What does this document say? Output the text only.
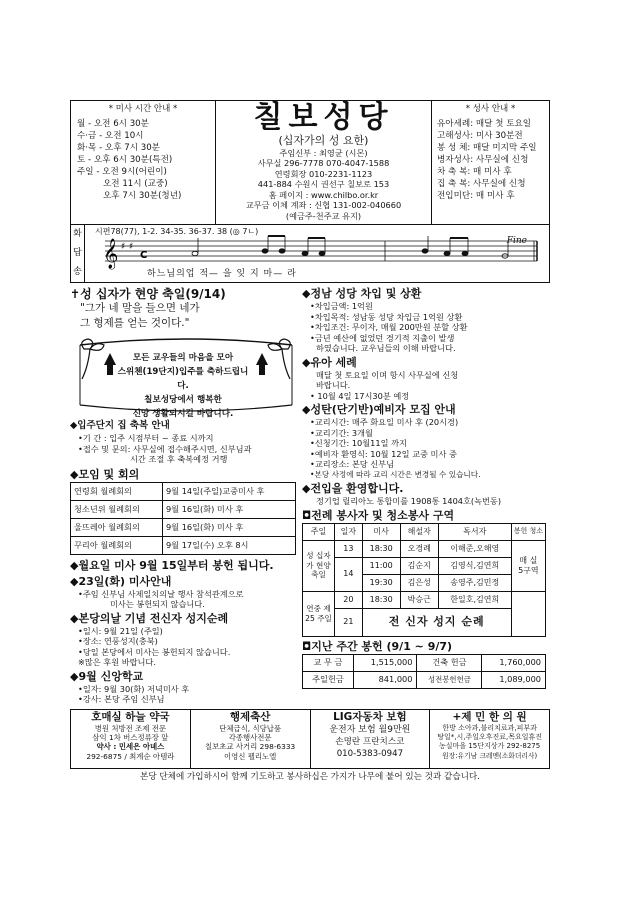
* 미사 시간 안내 *
월 - 오전 6시 30분
수·금 - 오전 10시
화·목 - 오후 7시 30분
토 - 오후 6시 30분(특전)
주일 - 오전 9시(어린이)
오전 11시 (교중)
오후 7시 30분(청년)
칠보성당
(십자가의 성 요한)
주임신부 : 최영균 (시몬)
사무실 296-7778 070-4047-1588
연령회장 010-2231-1123
441-884 수원시 권선구 칠보로 153
홈 페이지 : www.chilbo.or.kr
교무금 이체 계좌 : 신협 131-002-040660
(예금주-천주교 유지)
* 성사 안내 *
유아세례: 매달 첫 토요일
고해성사: 미사 30분전
봉 성 체: 매달 미지막 주일
병자성사: 사무실에 신청
차 축 복: 매 미사 후
집 축 복: 사무실에 신청
전입미단: 매 미사 후
화
답
송
시편78(77), 1-2. 34-35. 36-37. 38 (◎ 7ㄴ)
𝄞 ♯ ♯
C
Fine
하느님의업 적— 을 잊 지 마— 라
✝성 십자가 현양 축일(9/14)
"그가 네 말을 들으면 네가
그 형제를 얻는 것이다."
모든 교우들의 마음을 모아
스위첸(19단지)입주를 축하드립니다.
칠보성당에서 행복한
신앙 생활되시길 바랍니다.
◆입주단지 집 축복 안내
•기 간 : 입주 시점부터 ~ 종료 시까지
•접수 및 문의: 사무실에 접수해주시면, 신부님과
시간 조절 후 축복예정 거행
◆모임 및 회의
연령회 월례회의	9월 14일(주일)교중미사 후
청소년위 월례회의	9월 16일(화) 미사 후
울뜨레아 월례회의	9월 16일(화) 미사 후
꾸리아 월례회의	9월 17일(수) 오후 8시
◆월요일 미사 9월 15일부터 봉헌 됩니다.
◆23일(화) 미사안내
•주임 신부님 사제일치의날 행사 참석관계으로
미사는 봉헌되지 않습니다.
◆본당의날 기념 전신자 성지순례
•일시: 9월 21일 (주일)
•장소: 연풍성지(충북)
•당일 본당에서 미사는 봉헌되지 않습니다.
※많은 후원 바랍니다.
◆9월 신앙학교
•일자: 9월 30(화) 저녁미사 후
•강사: 본당 주임 신부님
◆정남 성당 차입 및 상환
•차입금액: 1억원
•차입목적: 성남동 성당 차입금 1억원 상환
•차입조건: 무이자, 매월 200만원 분할 상환
•금년 예산에 없었던 경기적 지출이 발생
하였습니다. 교우님들의 이해 바랍니다.
◆유아 세례
매달 첫 토요일 이며 항시 사무실에 신청
바랍니다.
• 10월 4일 17시30분 예정
◆성탄(단기반)예비자 모집 안내
•교리시간: 매주 화요일 미사 후 (20시경)
•교리기간: 3개월
•신청기간: 10월11일 까지
•예비자 환영식: 10월 12일 교중 미사 중
•교리장소: 본당 신부님
•본당 사정에 따라 교리 시간은 변경될 수 있습니다.
◆전입을 환영합니다.
정기업 릴리아노 통합미를 1908통 1404호(녹번동)
◘전례 봉사자 및 청소봉사 구역
주일	일자	미사	해설자	독서자	봉헌 청소
성 십자가 현양 축일	13	18:30	오경례	이해준,오해영	매 실
5구역
	14	11:00	김순지	김영식,김연희	
		19:30	김은성	송영주,김민정	
연중 제25 주일	20	18:30	박승근	한일호,김연희	
	21	전 신자 성지 순례			
◘지난 주간 봉헌 (9/1 ~ 9/7)
교 무 금	1,515,000	건축 헌금	1,760,000
주일헌금	841,000	성전봉헌헌금	1,089,000
호매실 하늘 약국
병원 처방전 조제 전문
삼익 1차 버스정류장 앞
약사 : 민세은 아녜스
292-6875 / 최계순 아템라
행제축산
단체급식, 식당납품
각종행사전문
칠보초교 사거리 298-6333
이영신 펠리노엘
LIG자동차 보험
운전자 보험 월9만원
손명란 프란치스코
010-5383-0947
+제 민 한 의 원
한방 소아과,불리치료과,피부과
탕일*,시,주일오후진료,목요일휴진
농실마을 15단지상가 292-8275
원장:유기남 크레멘(소화더리사)
본당 단체에 가입하시어 함께 기도하고 봉사하십은 가지가 나무에 붙어 있는 것과 같습니다.
